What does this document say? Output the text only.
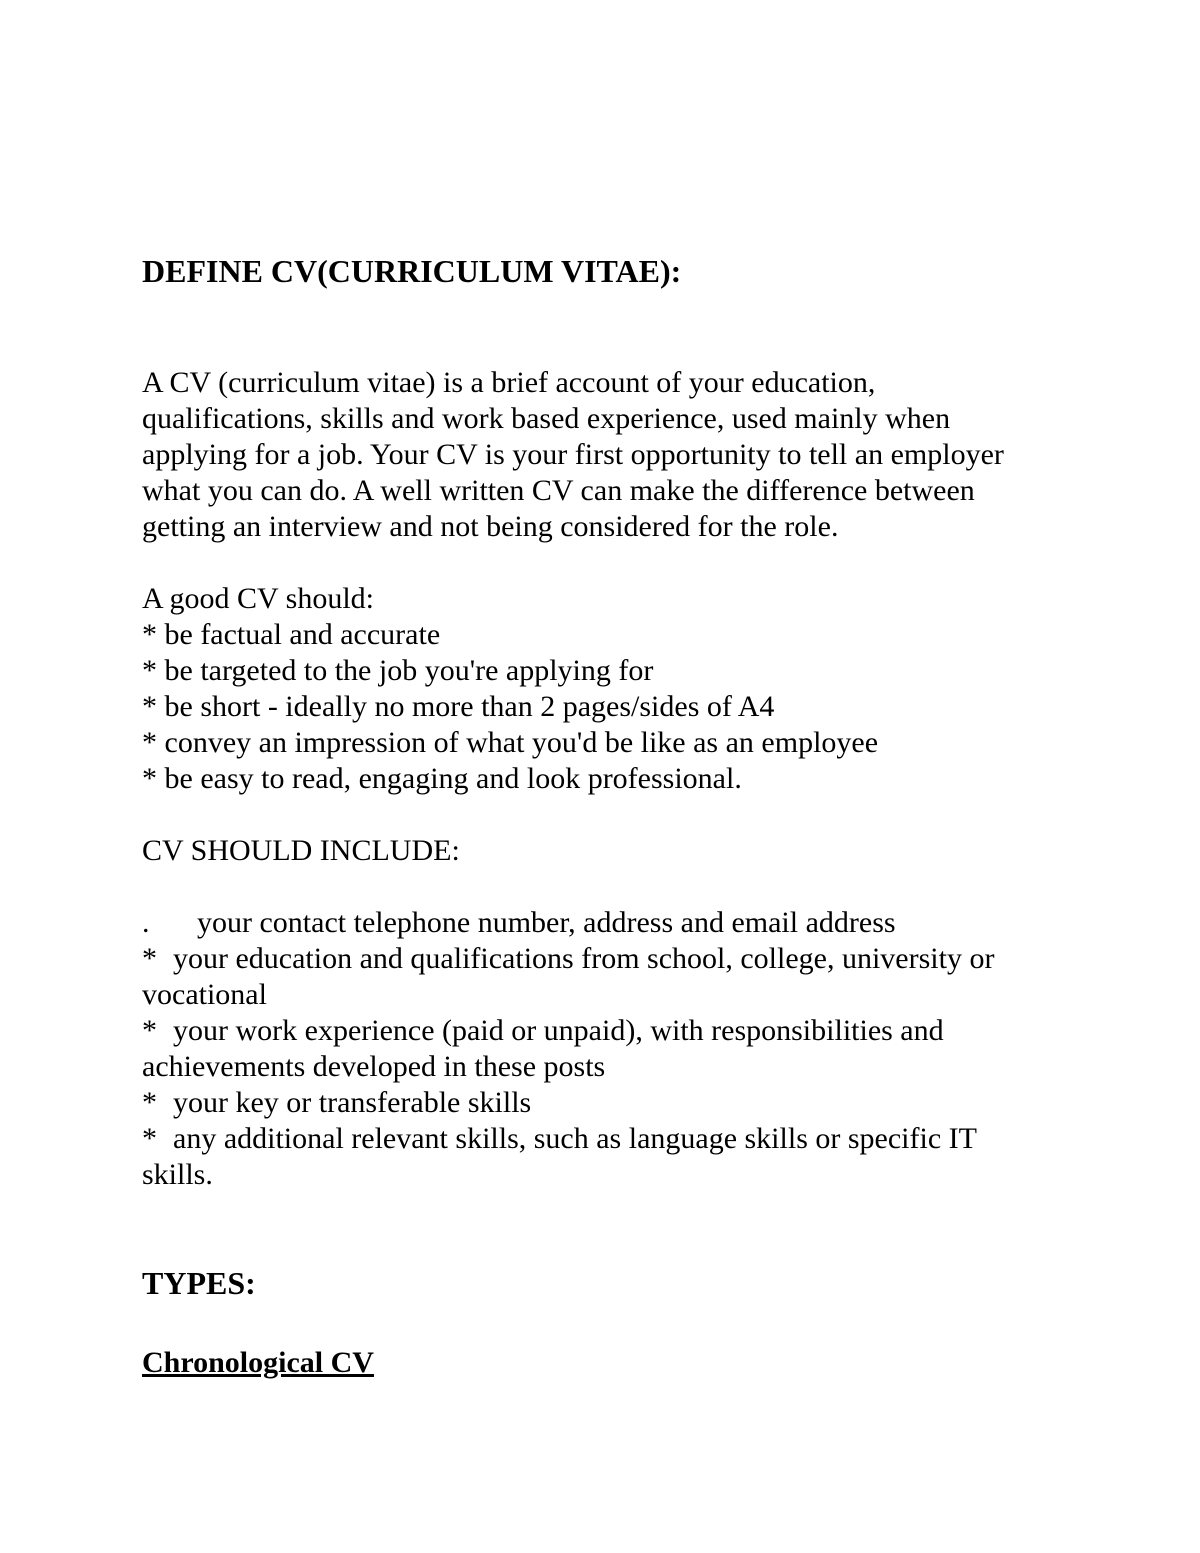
DEFINE CV(CURRICULUM VITAE):

A CV (curriculum vitae) is a brief account of your education,

qualifications, skills and work based experience, used mainly when

applying for a job. Your CV is your first opportunity to tell an employer

what you can do. A well written CV can make the difference between

getting an interview and not being considered for the role.

A good CV should:

* be factual and accurate

* be targeted to the job you're applying for

* be short - ideally no more than 2 pages/sides of A4

* convey an impression of what you'd be like as an employee

* be easy to read, engaging and look professional.

CV SHOULD INCLUDE:

. your contact telephone number, address and email address

* your education and qualifications from school, college, university or

vocational

* your work experience (paid or unpaid), with responsibilities and

achievements developed in these posts

* your key or transferable skills

* any additional relevant skills, such as language skills or specific IT

skills.

TYPES:

Chronological CV
